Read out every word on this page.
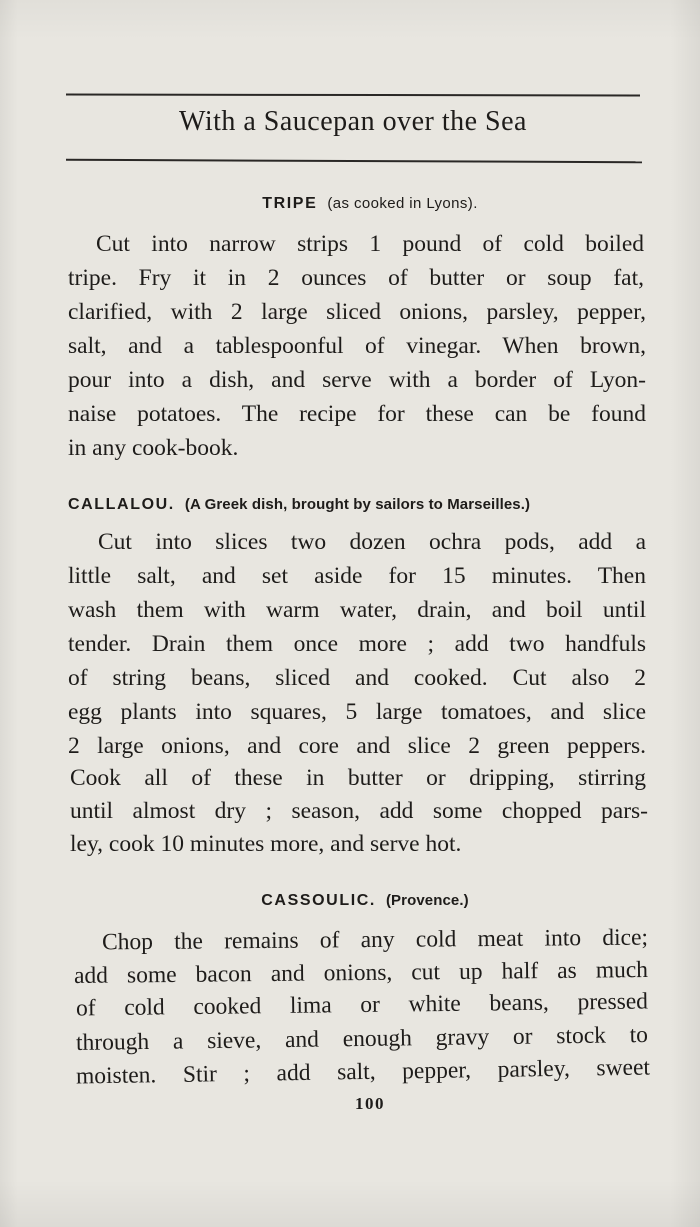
With a Saucepan over the Sea
TRIPE (as cooked in Lyons).
Cut into narrow strips 1 pound of cold boiled
tripe. Fry it in 2 ounces of butter or soup fat,
clarified, with 2 large sliced onions, parsley, pepper,
salt, and a tablespoonful of vinegar. When brown,
pour into a dish, and serve with a border of Lyon-
naise potatoes. The recipe for these can be found
in any cook-book.
CALLALOU. (A Greek dish, brought by sailors to Marseilles.)
Cut into slices two dozen ochra pods, add a
little salt, and set aside for 15 minutes. Then
wash them with warm water, drain, and boil until
tender. Drain them once more ; add two handfuls
of string beans, sliced and cooked. Cut also 2
egg plants into squares, 5 large tomatoes, and slice
2 large onions, and core and slice 2 green peppers.
Cook all of these in butter or dripping, stirring
until almost dry ; season, add some chopped pars-
ley, cook 10 minutes more, and serve hot.
CASSOULIC. (Provence.)
Chop the remains of any cold meat into dice;
add some bacon and onions, cut up half as much
of cold cooked lima or white beans, pressed
through a sieve, and enough gravy or stock to
moisten. Stir ; add salt, pepper, parsley, sweet
100
